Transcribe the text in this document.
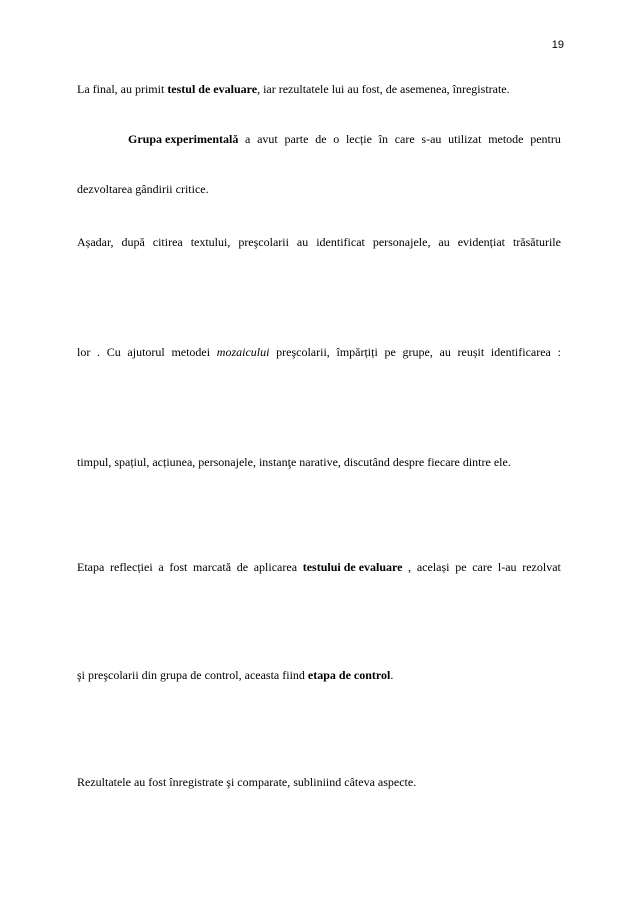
19
La final, au primit testul de evaluare, iar rezultatele lui au fost, de asemenea, înregistrate.
Grupa experimentală a avut parte de o lecție în care s-au utilizat metode pentru
dezvoltarea gândirii critice.
Așadar, după citirea textului, preşcolarii au identificat personajele, au evidențiat trăsăturile
lor . Cu ajutorul metodei mozaicului preşcolarii, împărțiți pe grupe, au reușit identificarea :
timpul, spațiul, acțiunea, personajele, instanţe narative, discutând despre fiecare dintre ele.
Etapa reflecției a fost marcată de aplicarea testului de evaluare , același pe care l-au rezolvat
şi preşcolarii din grupa de control, aceasta fiind etapa de control.
Rezultatele au fost înregistrate şi comparate, subliniind câteva aspecte.
